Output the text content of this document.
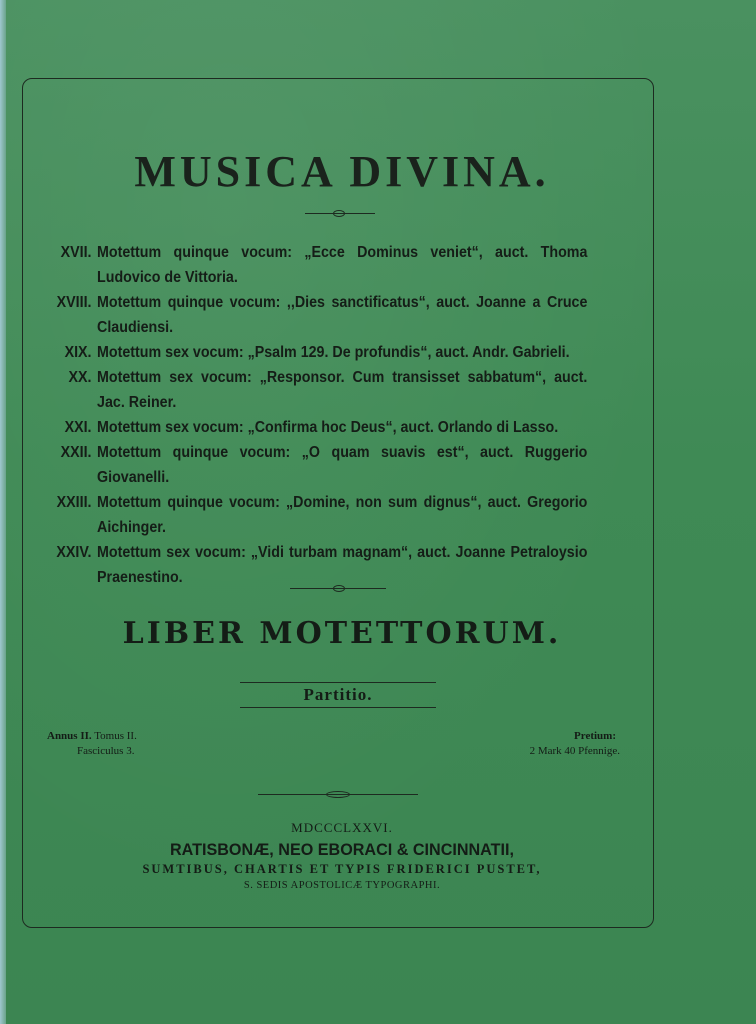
MUSICA DIVINA.
XVII. Motettum quinque vocum: „Ecce Dominus veniet“, auct. Thoma Ludovico de Vittoria.
XVIII. Motettum quinque vocum: ,,Dies sanctificatus“, auct. Joanne a Cruce Claudiensi.
XIX. Motettum sex vocum: „Psalm 129. De profundis“, auct. Andr. Gabrieli.
XX. Motettum sex vocum: „Responsor. Cum transisset sabbatum“, auct. Jac. Reiner.
XXI. Motettum sex vocum: „Confirma hoc Deus“, auct. Orlando di Lasso.
XXII. Motettum quinque vocum: „O quam suavis est“, auct. Ruggerio Giovanelli.
XXIII. Motettum quinque vocum: „Domine, non sum dignus“, auct. Gregorio Aichinger.
XXIV. Motettum sex vocum: „Vidi turbam magnam“, auct. Joanne Petraloysio Praenestino.
LIBER MOTETTORUM.
Partitio.
Annus II. Tomus II.
Fasciculus 3.
Pretium:
2 Mark 40 Pfennige.
MDCCCLXXVI.
RATISBONÆ, NEO EBORACI & CINCINNATII,
SUMTIBUS, CHARTIS ET TYPIS FRIDERICI PUSTET,
S. SEDIS APOSTOLICÆ TYPOGRAPHI.
